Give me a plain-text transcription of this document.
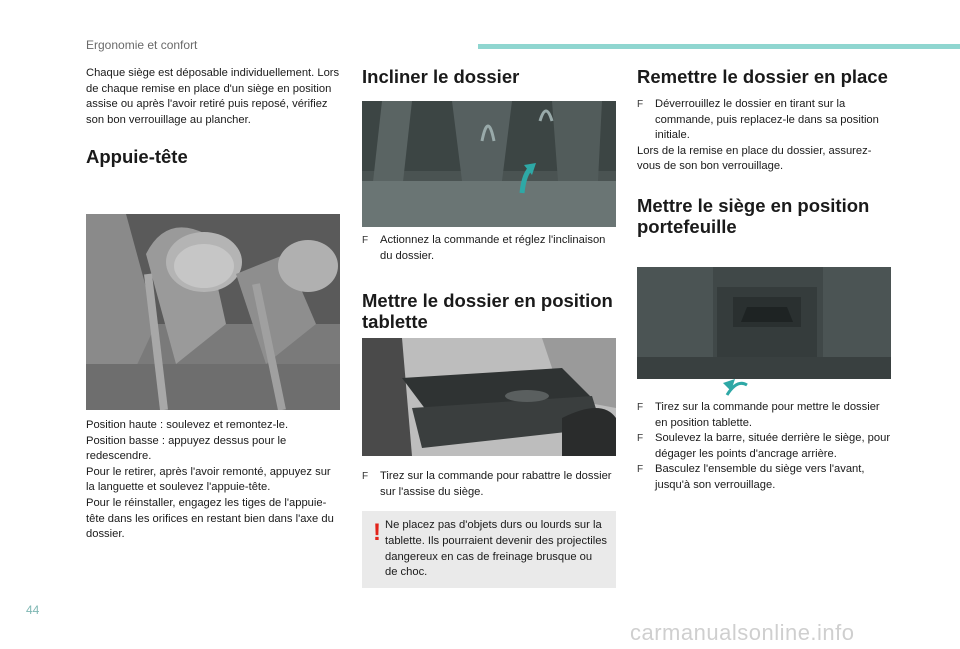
Ergonomie et confort

Chaque siège est déposable individuellement. Lors de chaque remise en place d'un siège en position assise ou après l'avoir retiré puis reposé, vérifiez son bon verrouillage au plancher.

Appuie-tête

Position haute : soulevez et remontez-le.

Position basse : appuyez dessus pour le redescendre.

Pour le retirer, après l'avoir remonté, appuyez sur la languette et soulevez l'appuie-tête.

Pour le réinstaller, engagez les tiges de l'appuie-tête dans les orifices en restant bien dans l'axe du dossier.

Incliner le dossier
F Actionnez la commande et réglez l'inclinaison du dossier.
Mettre le dossier en position tablette
F Tirez sur la commande pour rabattre le dossier sur l'assise du siège.
! Ne placez pas d'objets durs ou lourds sur la tablette. Ils pourraient devenir des projectiles dangereux en cas de freinage brusque ou de choc.

Remettre le dossier en place
F Déverrouillez le dossier en tirant sur la commande, puis replacez-le dans sa position initiale.

Lors de la remise en place du dossier, assurez-vous de son bon verrouillage.

Mettre le siège en position portefeuille
F Tirez sur la commande pour mettre le dossier en position tablette.
F Soulevez la barre, située derrière le siège, pour dégager les points d'ancrage arrière.
F Basculez l'ensemble du siège vers l'avant, jusqu'à son verrouillage.
44
carmanualsonline.info
